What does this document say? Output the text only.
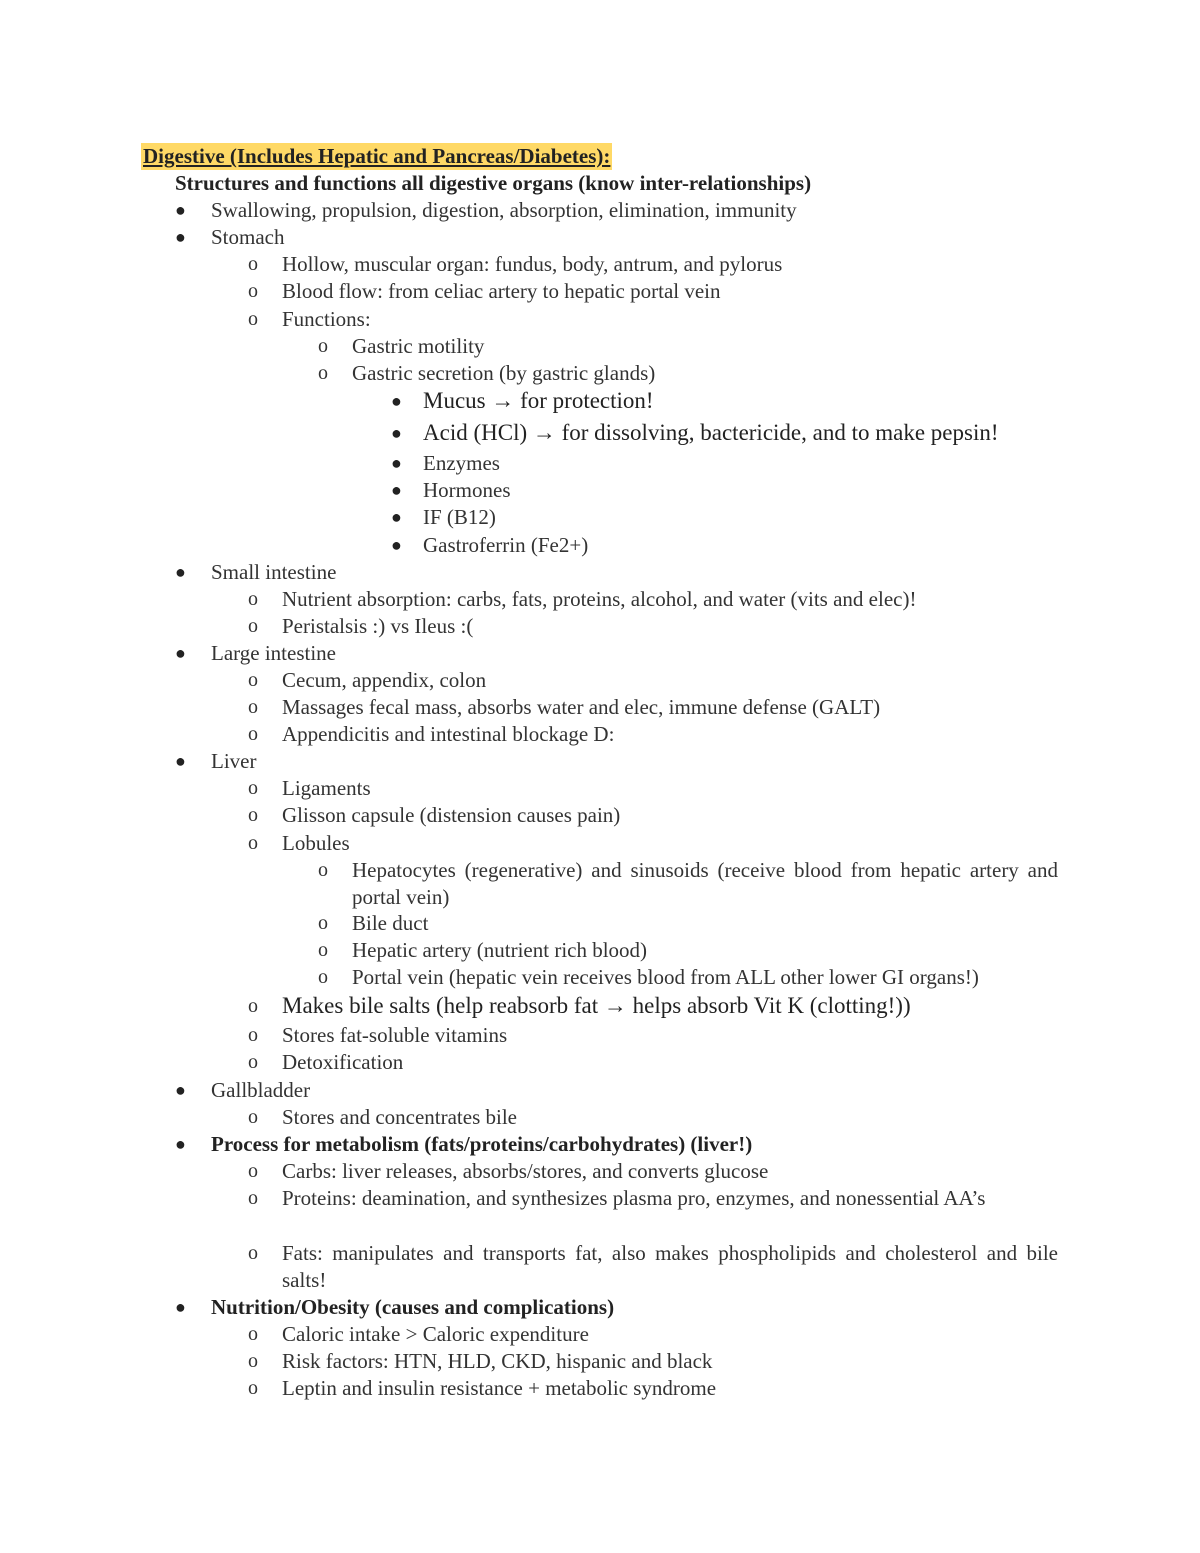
Digestive (Includes Hepatic and Pancreas/Diabetes):
Structures and functions all digestive organs (know inter-relationships)
● Swallowing, propulsion, digestion, absorption, elimination, immunity
● Stomach
o Hollow, muscular organ: fundus, body, antrum, and pylorus
o Blood flow: from celiac artery to hepatic portal vein
o Functions:
o Gastric motility
o Gastric secretion (by gastric glands)
● Mucus → for protection!
● Acid (HCl) → for dissolving, bactericide, and to make pepsin!
● Enzymes
● Hormones
● IF (B12)
● Gastroferrin (Fe2+)
● Small intestine
o Nutrient absorption: carbs, fats, proteins, alcohol, and water (vits and elec)!
o Peristalsis :) vs Ileus :(
● Large intestine
o Cecum, appendix, colon
o Massages fecal mass, absorbs water and elec, immune defense (GALT)
o Appendicitis and intestinal blockage D:
● Liver
o Ligaments
o Glisson capsule (distension causes pain)
o Lobules
o Hepatocytes (regenerative) and sinusoids (receive blood from hepatic artery and portal vein)
o Bile duct
o Hepatic artery (nutrient rich blood)
o Portal vein (hepatic vein receives blood from ALL other lower GI organs!)
o Makes bile salts (help reabsorb fat → helps absorb Vit K (clotting!))
o Stores fat-soluble vitamins
o Detoxification
● Gallbladder
o Stores and concentrates bile
● Process for metabolism (fats/proteins/carbohydrates) (liver!)
o Carbs: liver releases, absorbs/stores, and converts glucose
o Proteins: deamination, and synthesizes plasma pro, enzymes, and nonessential AA’s
o Fats: manipulates and transports fat, also makes phospholipids and cholesterol and bile salts!
● Nutrition/Obesity (causes and complications)
o Caloric intake > Caloric expenditure
o Risk factors: HTN, HLD, CKD, hispanic and black
o Leptin and insulin resistance + metabolic syndrome
